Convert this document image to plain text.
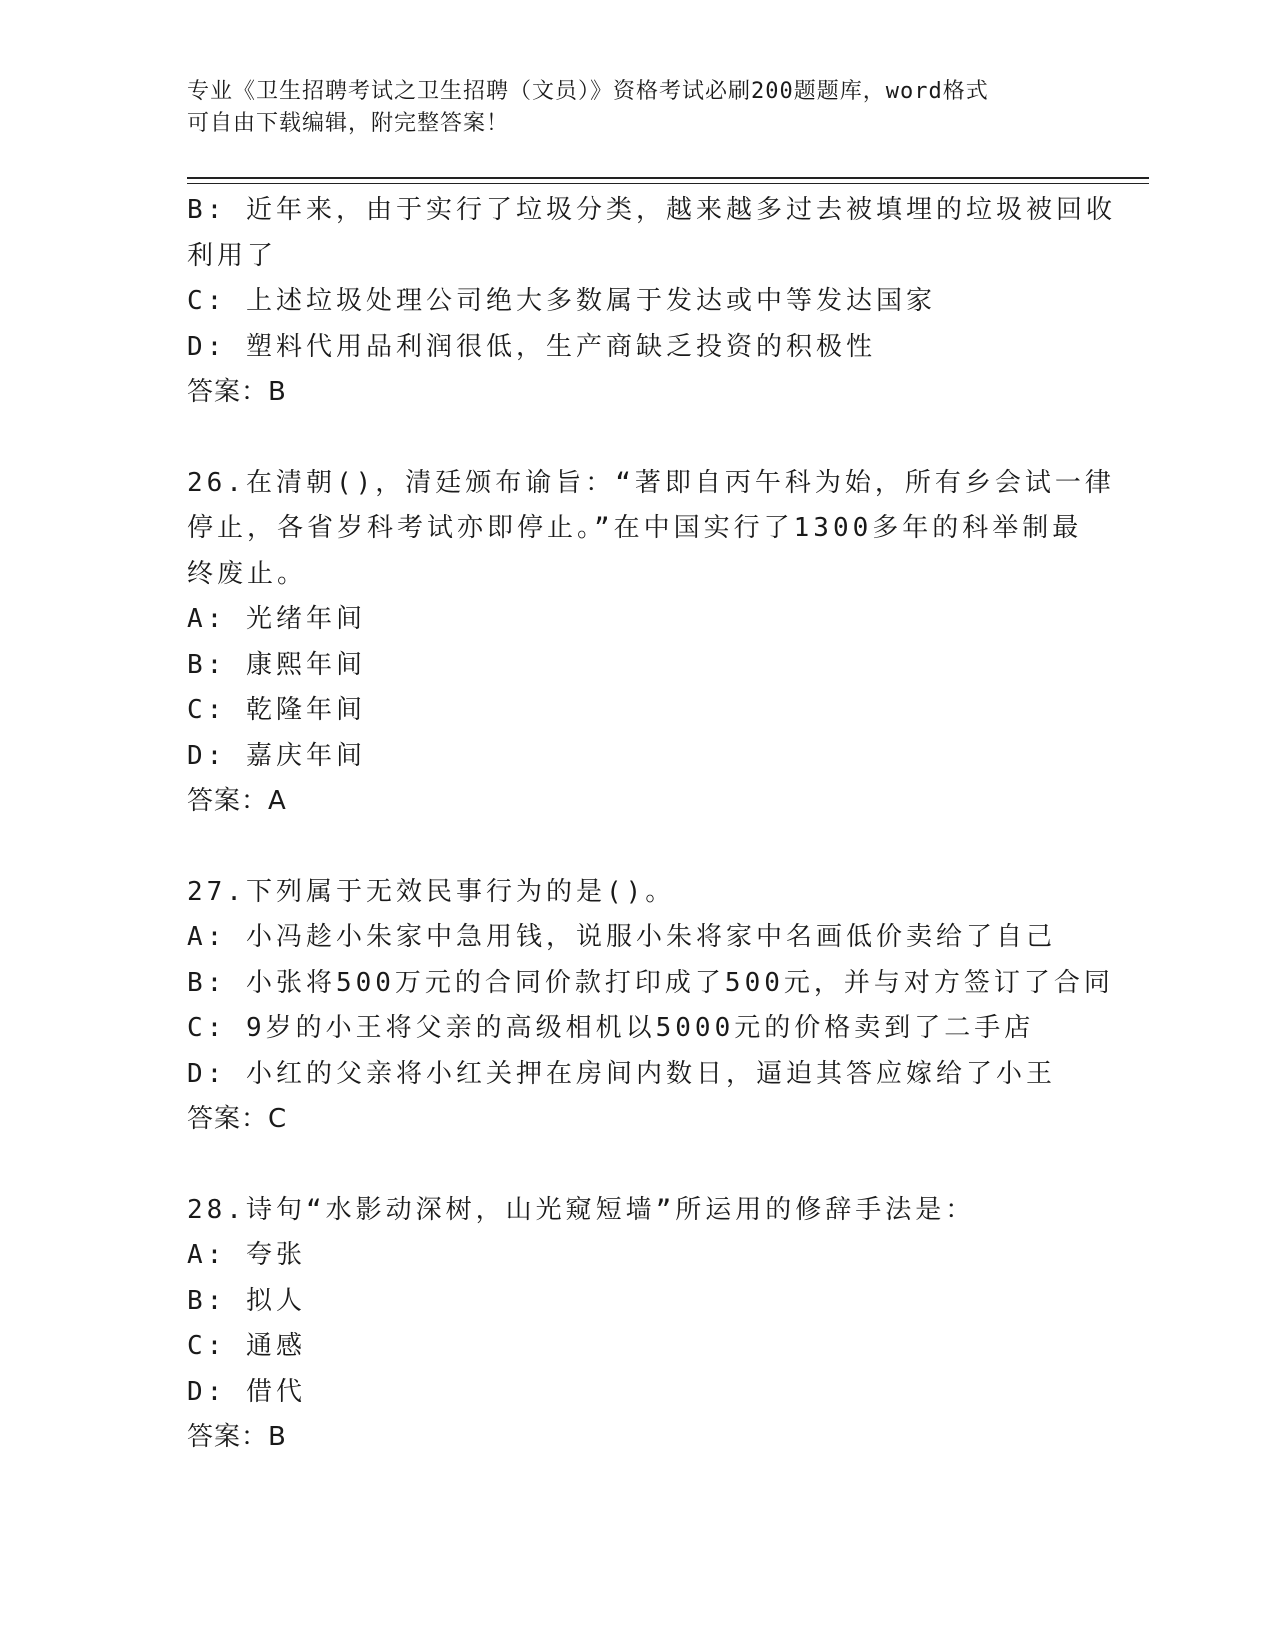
专业《卫生招聘考试之卫生招聘（文员）》资格考试必刷200题题库，word格式
可自由下载编辑，附完整答案！
B: 近年来，由于实行了垃圾分类，越来越多过去被填埋的垃圾被回收
利用了
C: 上述垃圾处理公司绝大多数属于发达或中等发达国家
D: 塑料代用品利润很低，生产商缺乏投资的积极性
答案：B
26.在清朝()，清廷颁布谕旨：“著即自丙午科为始，所有乡会试一律
停止，各省岁科考试亦即停止。”在中国实行了1300多年的科举制最
终废止。
A: 光绪年间
B: 康熙年间
C: 乾隆年间
D: 嘉庆年间
答案：A
27.下列属于无效民事行为的是()。
A: 小冯趁小朱家中急用钱，说服小朱将家中名画低价卖给了自己
B: 小张将500万元的合同价款打印成了500元，并与对方签订了合同
C: 9岁的小王将父亲的高级相机以5000元的价格卖到了二手店
D: 小红的父亲将小红关押在房间内数日，逼迫其答应嫁给了小王
答案：C
28.诗句“水影动深树，山光窥短墙”所运用的修辞手法是：
A: 夸张
B: 拟人
C: 通感
D: 借代
答案：B
